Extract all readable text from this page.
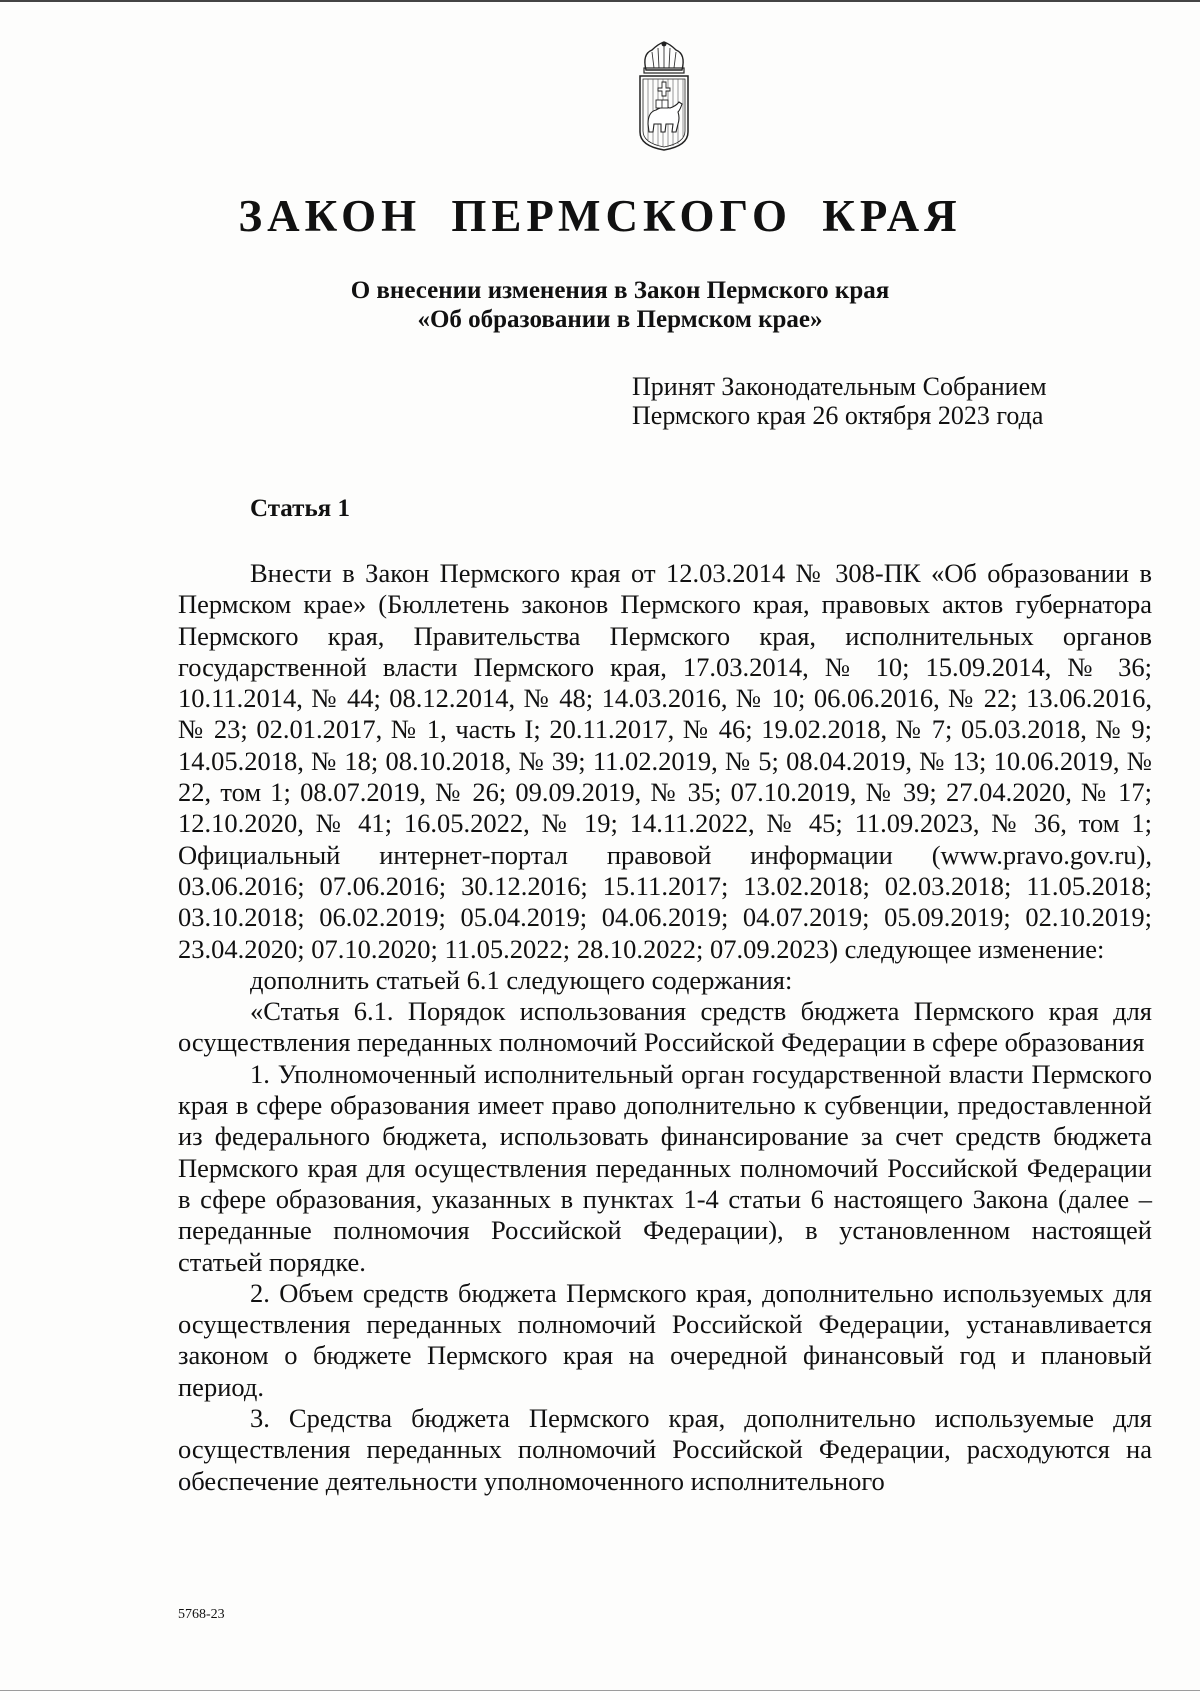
ЗАКОН ПЕРМСКОГО КРАЯ
О внесении изменения в Закон Пермского края
«Об образовании в Пермском крае»
Принят Законодательным Собранием
Пермского края 26 октября 2023 года
Статья 1

Внести в Закон Пермского края от 12.03.2014 № 308-ПК «Об образовании в Пермском крае» (Бюллетень законов Пермского края, правовых актов губернатора Пермского края, Правительства Пермского края, исполнительных органов государственной власти Пермского края, 17.03.2014, № 10; 15.09.2014, № 36; 10.11.2014, № 44; 08.12.2014, № 48; 14.03.2016, № 10; 06.06.2016, № 22; 13.06.2016, № 23; 02.01.2017, № 1, часть I; 20.11.2017, № 46; 19.02.2018, № 7; 05.03.2018, № 9; 14.05.2018, № 18; 08.10.2018, № 39; 11.02.2019, № 5; 08.04.2019, № 13; 10.06.2019, № 22, том 1; 08.07.2019, № 26; 09.09.2019, № 35; 07.10.2019, № 39; 27.04.2020, № 17; 12.10.2020, № 41; 16.05.2022, № 19; 14.11.2022, № 45; 11.09.2023, № 36, том 1; Официальный интернет-портал правовой информации (www.pravo.gov.ru), 03.06.2016; 07.06.2016; 30.12.2016; 15.11.2017; 13.02.2018; 02.03.2018; 11.05.2018; 03.10.2018; 06.02.2019; 05.04.2019; 04.06.2019; 04.07.2019; 05.09.2019; 02.10.2019; 23.04.2020; 07.10.2020; 11.05.2022; 28.10.2022; 07.09.2023) следующее изменение:

дополнить статьей 6.1 следующего содержания:

«Статья 6.1. Порядок использования средств бюджета Пермского края для осуществления переданных полномочий Российской Федерации в сфере образования

1. Уполномоченный исполнительный орган государственной власти Пермского края в сфере образования имеет право дополнительно к субвенции, предоставленной из федерального бюджета, использовать финансирование за счет средств бюджета Пермского края для осуществления переданных полномочий Российской Федерации в сфере образования, указанных в пунктах 1-4 статьи 6 настоящего Закона (далее – переданные полномочия Российской Федерации), в установленном настоящей статьей порядке.

2. Объем средств бюджета Пермского края, дополнительно используемых для осуществления переданных полномочий Российской Федерации, устанавливается законом о бюджете Пермского края на очередной финансовый год и плановый период.

3. Средства бюджета Пермского края, дополнительно используемые для осуществления переданных полномочий Российской Федерации, расходуются на обеспечение деятельности уполномоченного исполнительного

5768-23
